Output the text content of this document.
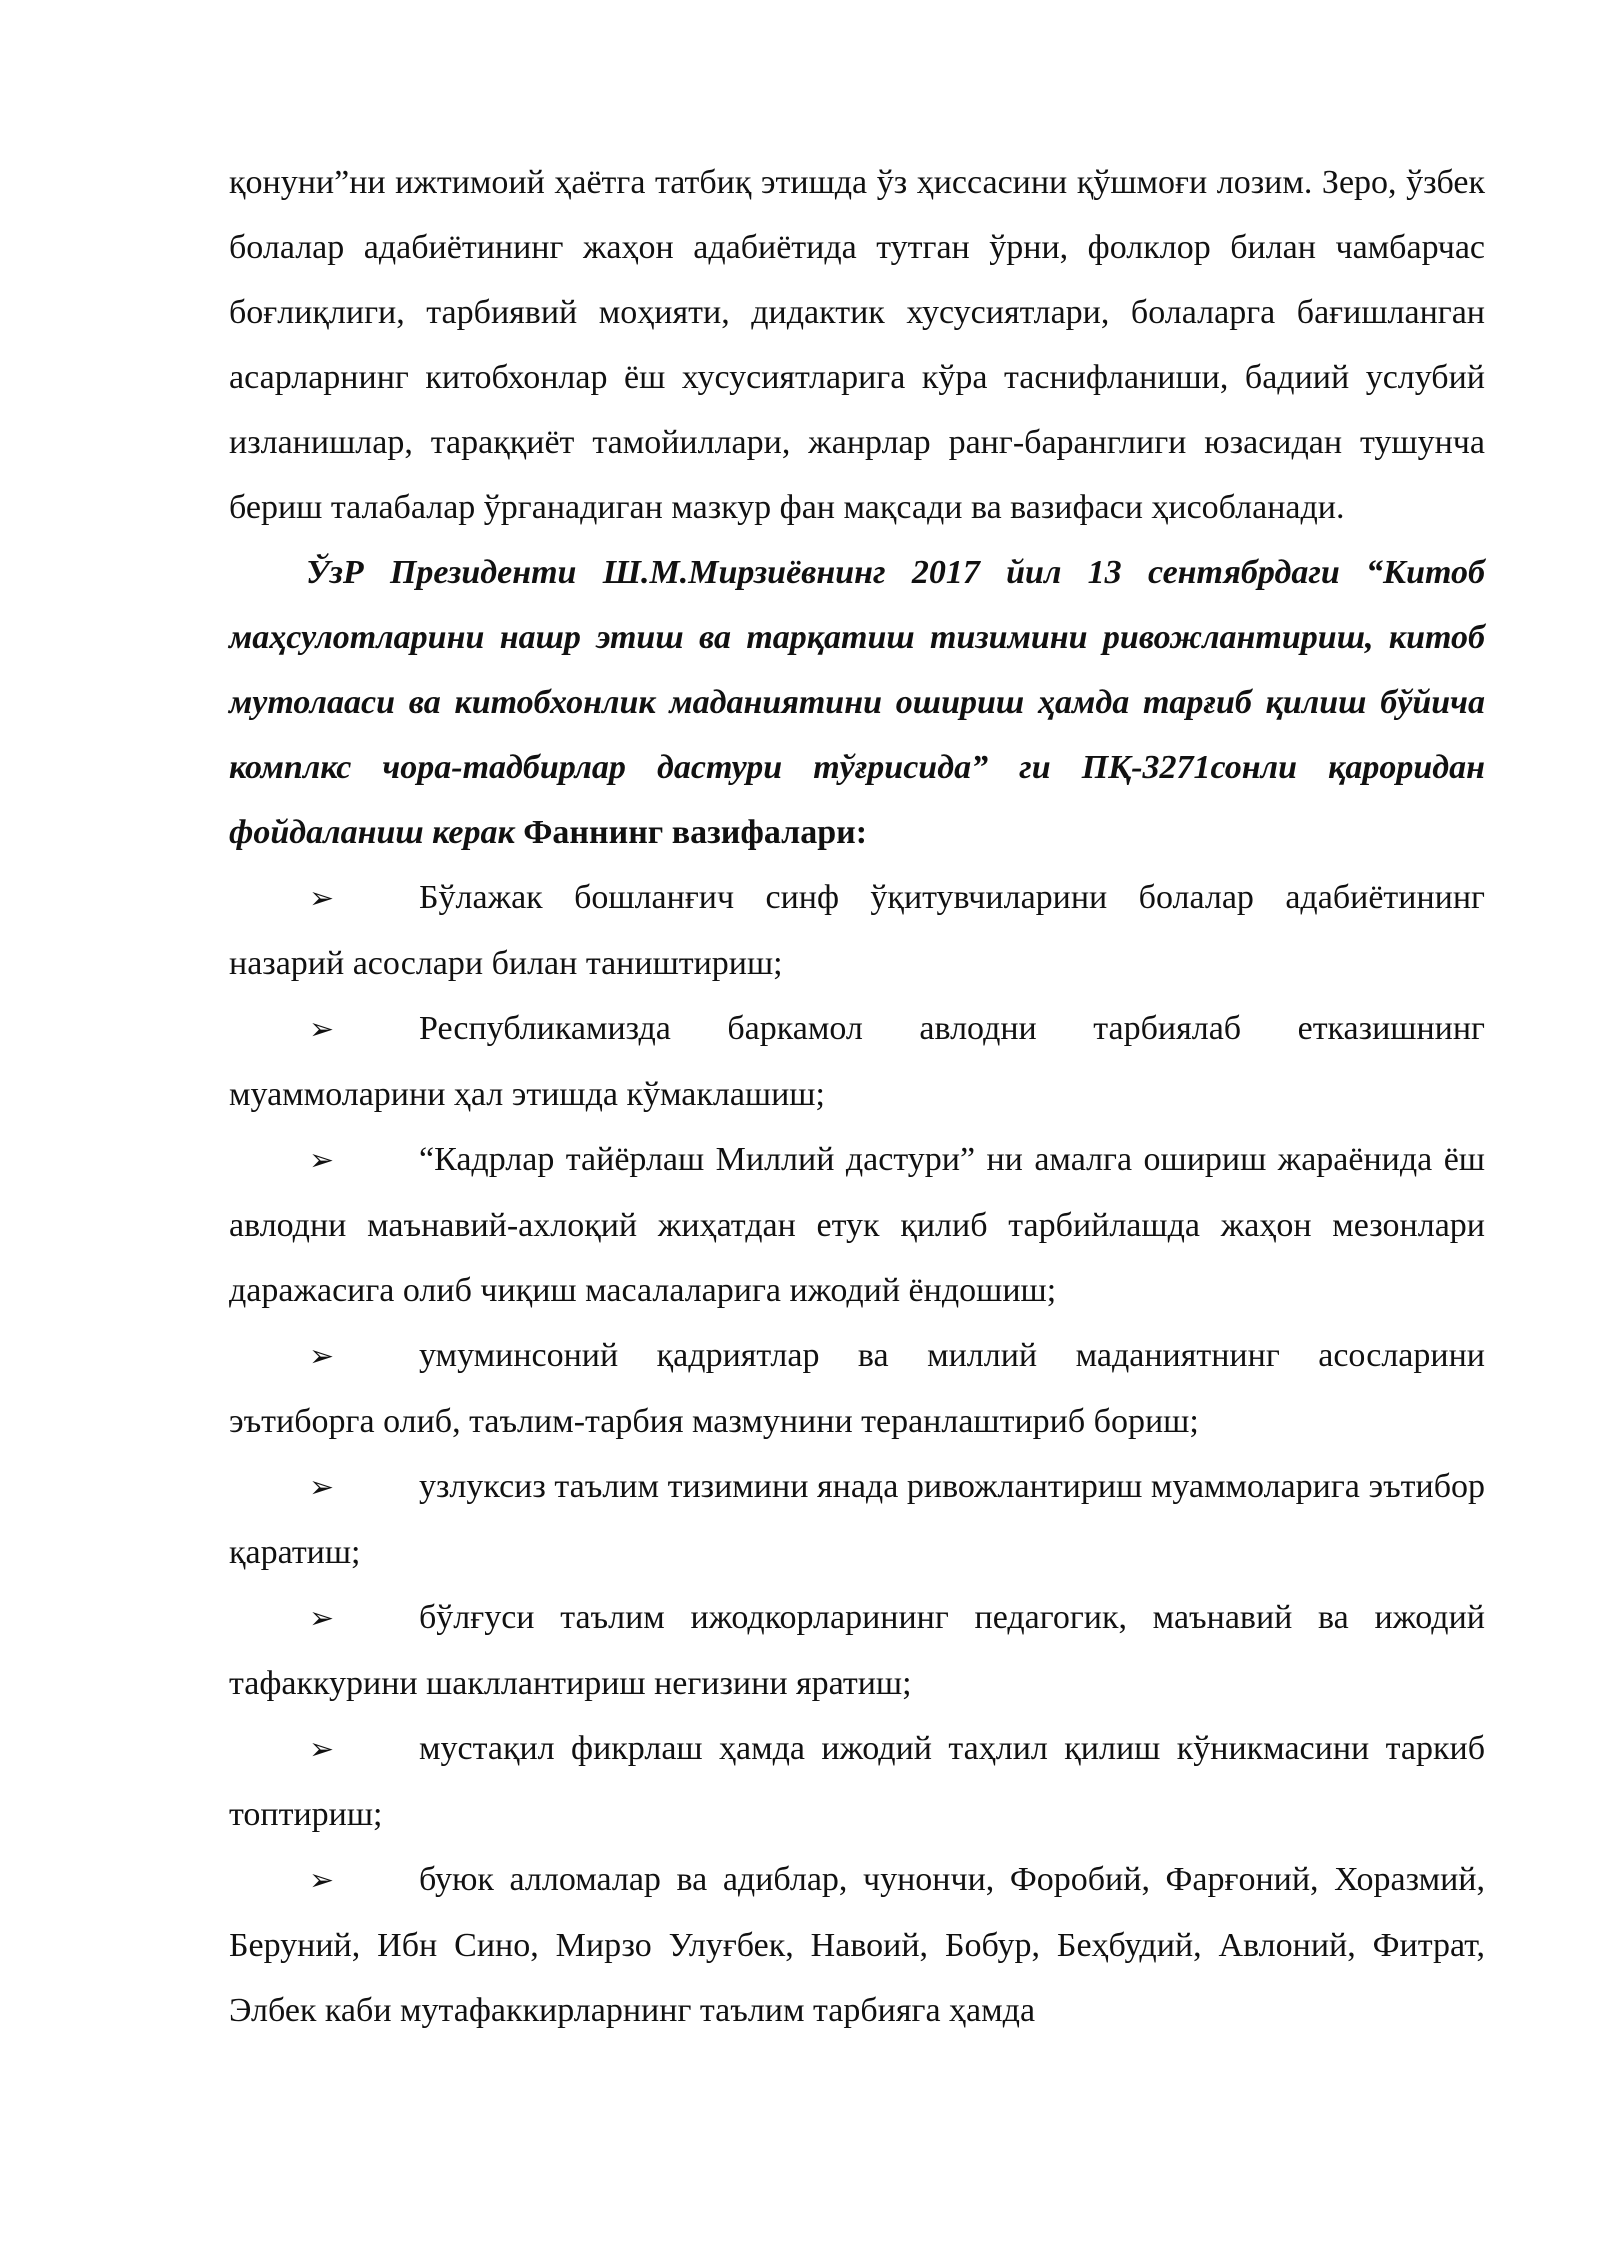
қонуни”ни ижтимоий ҳаётга татбиқ этишда ўз ҳиссасини қўшмоғи лозим. Зеро, ўзбек болалар адабиётининг жаҳон адабиётида тутган ўрни, фолклор билан чамбарчас боғлиқлиги, тарбиявий моҳияти, дидактик хусусиятлари, болаларга бағишланган асарларнинг китобхонлар ёш хусусиятларига кўра таснифланиши, бадиий услубий изланишлар, тараққиёт тамойиллари, жанрлар ранг-баранглиги юзасидан тушунча бериш талабалар ўрганадиган мазкур фан мақсади ва вазифаси ҳисобланади.

ЎзР Президенти Ш.М.Мирзиёвнинг 2017 йил 13 сентябрдаги “Китоб маҳсулотларини нашр этиш ва тарқатиш тизимини ривожлантириш, китоб мутолааси ва китобхонлик маданиятини ошириш ҳамда тарғиб қилиш бўйича комплкс чора-тадбирлар дастури тўғрисида” ги ПҚ-3271сонли қароридан фойдаланиш керак Фаннинг вазифалари:

➢ Бўлажак бошланғич синф ўқитувчиларини болалар адабиётининг назарий асослари билан таништириш;

➢ Республикамизда баркамол авлодни тарбиялаб етказишнинг муаммоларини ҳал этишда кўмаклашиш;

➢ “Кадрлар тайёрлаш Миллий дастури” ни амалга ошириш жараёнида ёш авлодни маънавий-ахлоқий жиҳатдан етук қилиб тарбийлашда жаҳон мезонлари даражасига олиб чиқиш масалаларига ижодий ёндошиш;

➢ умуминсоний қадриятлар ва миллий маданиятнинг асосларини эътиборга олиб, таълим-тарбия мазмунини теранлаштириб бориш;

➢ узлуксиз таълим тизимини янада ривожлантириш муаммоларига эътибор қаратиш;

➢ бўлғуси таълим ижодкорларининг педагогик, маънавий ва ижодий тафаккурини шакллантириш негизини яратиш;

➢ мустақил фикрлаш ҳамда ижодий таҳлил қилиш кўникмасини таркиб топтириш;

➢ буюк алломалар ва адиблар, чунончи, Форобий, Фарғоний, Хоразмий, Беруний, Ибн Сино, Мирзо Улуғбек, Навоий, Бобур, Беҳбудий, Авлоний, Фитрат, Элбек каби мутафаккирларнинг таълим тарбияга ҳамда
